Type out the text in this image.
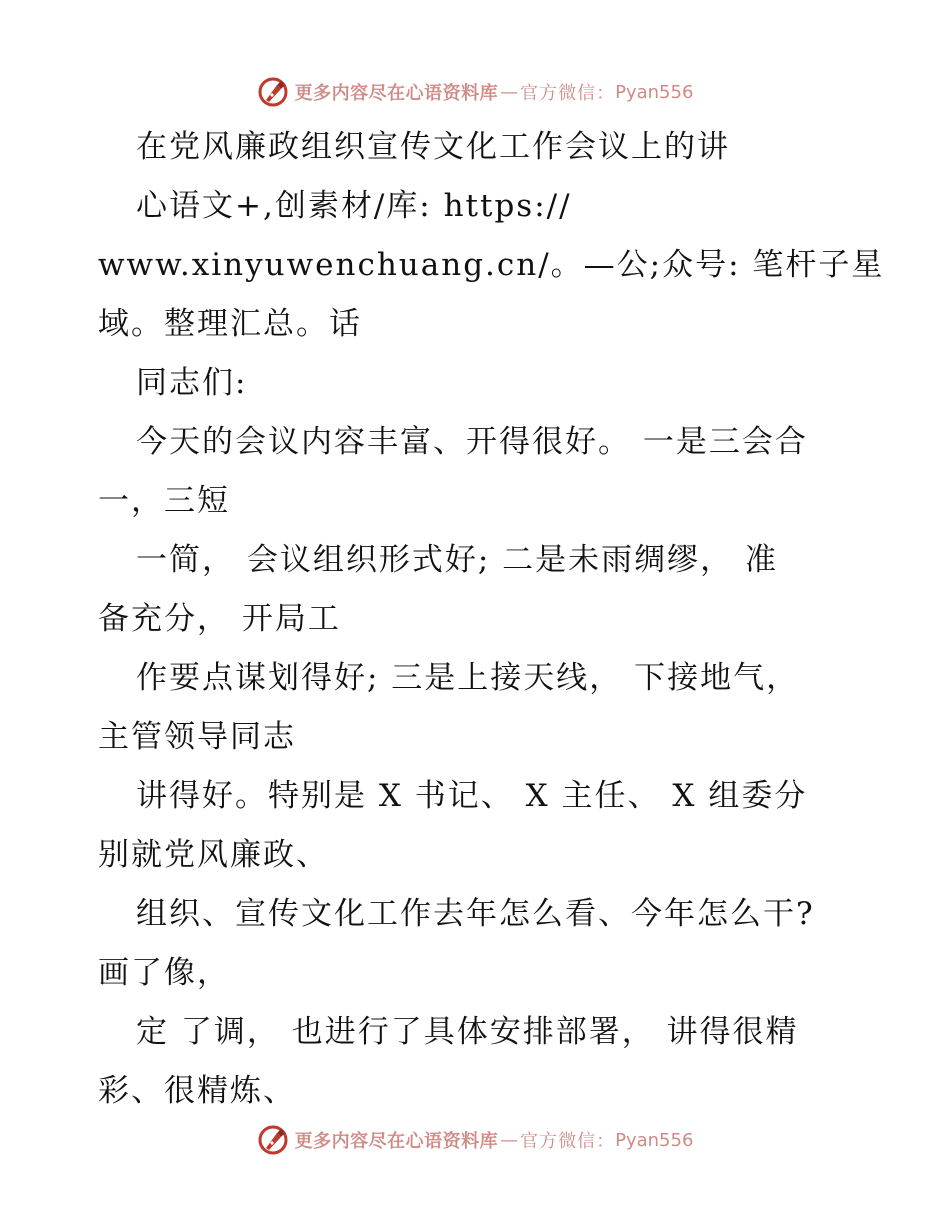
更多内容尽在心语资料库 — 官方微信： Pyan556
在党风廉政组织宣传文化工作会议上的讲
心语文+,创素材/库: https://
www.xinyuwenchuang.cn/。—公;众号: 笔杆子星
域。整理汇总。话
同志们:
今天的会议内容丰富、开得很好。 一是三会合
一，三短
一简， 会议组织形式好; 二是未雨绸缪， 准
备充分， 开局工
作要点谋划得好; 三是上接天线， 下接地气，
主管领导同志
讲得好。特别是 X 书记、 X 主任、 X 组委分
别就党风廉政、
组织、宣传文化工作去年怎么看、今年怎么干?
画了像，
定 了调， 也进行了具体安排部署， 讲得很精
彩、很精炼、
更多内容尽在心语资料库 — 官方微信： Pyan556
